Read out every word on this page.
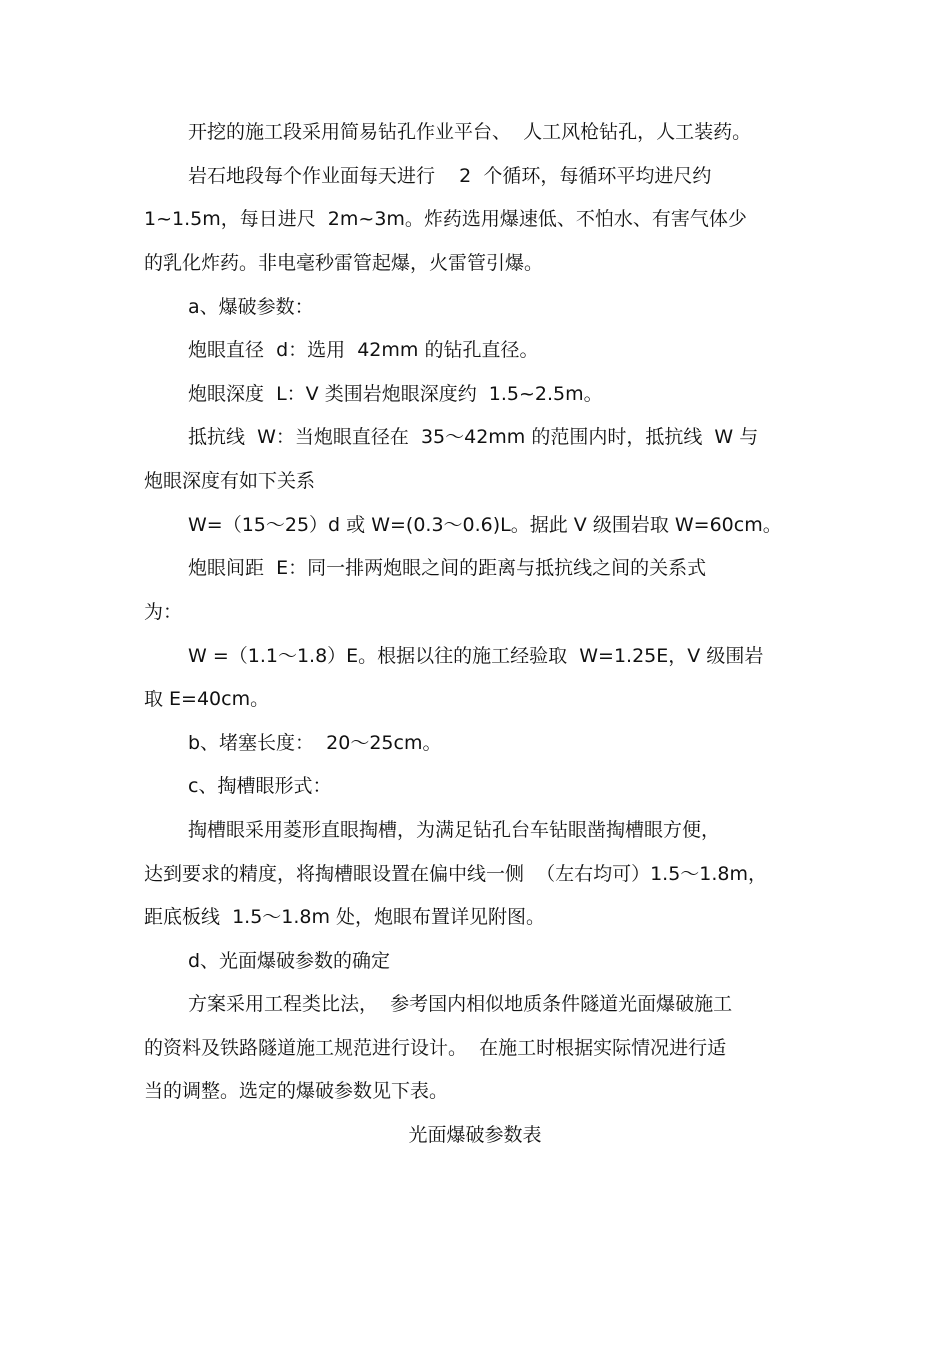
开挖的施工段采用简易钻孔作业平台、  人工风枪钻孔，人工装药。
岩石地段每个作业面每天进行    2  个循环，每循环平均进尺约
1~1.5m，每日进尺  2m~3m。炸药选用爆速低、不怕水、有害气体少
的乳化炸药。非电毫秒雷管起爆，火雷管引爆。
a、爆破参数：
炮眼直径  d：选用  42mm 的钻孔直径。
炮眼深度  L：V 类围岩炮眼深度约  1.5~2.5m。
抵抗线  W：当炮眼直径在  35～42mm 的范围内时，抵抗线  W 与
炮眼深度有如下关系
W=（15～25）d 或 W=(0.3～0.6)L。据此 V 级围岩取 W=60cm。
炮眼间距  E：同一排两炮眼之间的距离与抵抗线之间的关系式
为：
W =（1.1～1.8）E。根据以往的施工经验取  W=1.25E，V 级围岩
取 E=40cm。
b、堵塞长度：  20～25cm。
c、掏槽眼形式：
掏槽眼采用菱形直眼掏槽，为满足钻孔台车钻眼凿掏槽眼方便，
达到要求的精度，将掏槽眼设置在偏中线一侧  （左右均可）1.5～1.8m，
距底板线  1.5～1.8m 处，炮眼布置详见附图。
d、光面爆破参数的确定
方案采用工程类比法，  参考国内相似地质条件隧道光面爆破施工
的资料及铁路隧道施工规范进行设计。  在施工时根据实际情况进行适
当的调整。选定的爆破参数见下表。
光面爆破参数表
